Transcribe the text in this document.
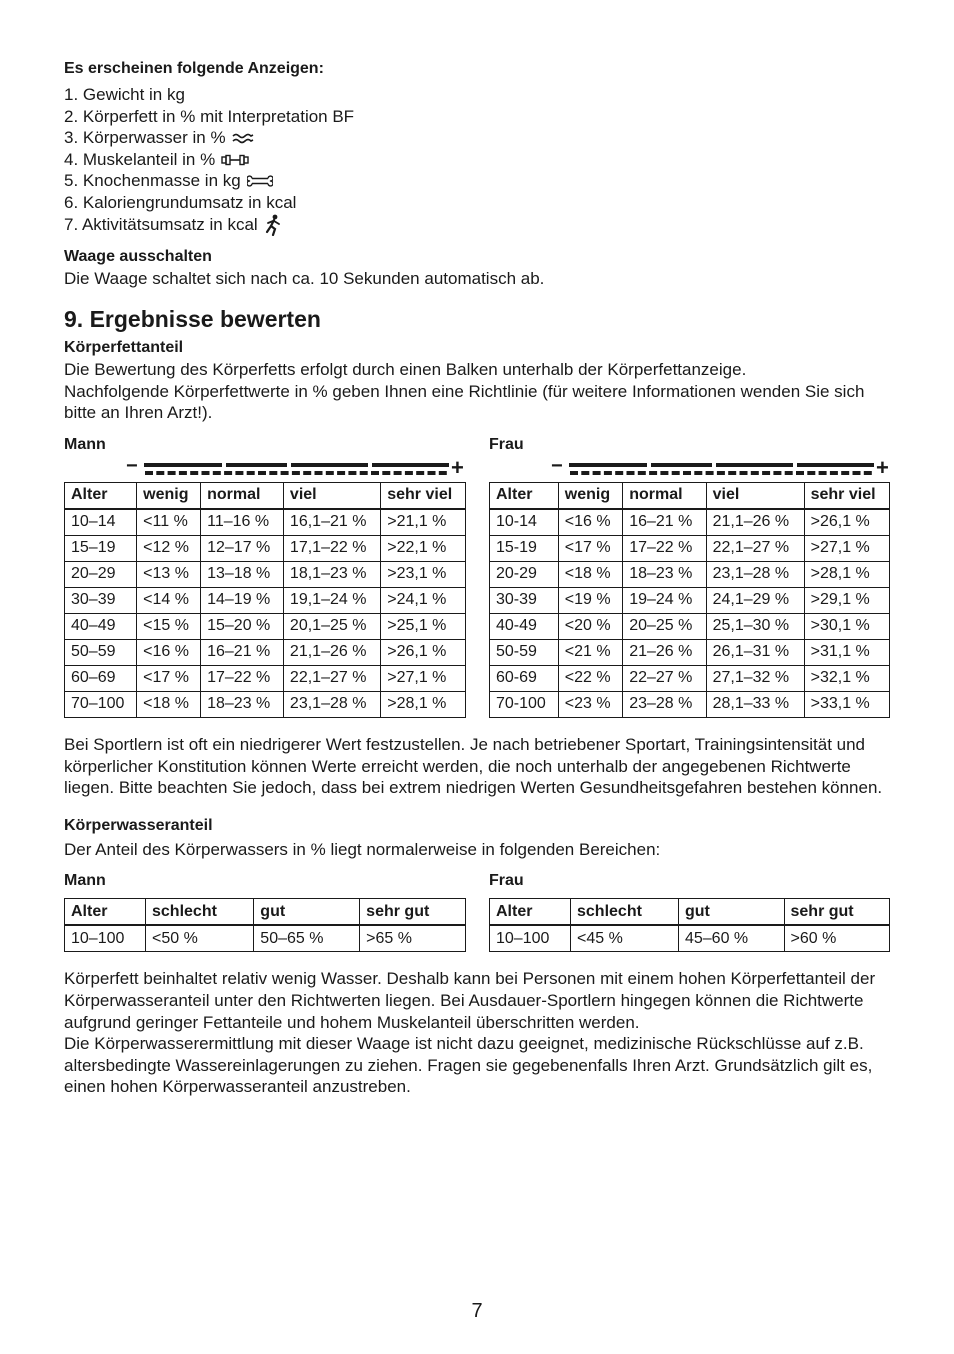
Es erscheinen folgende Anzeigen:

1. Gewicht in kg
2. Körperfett in % mit Interpretation BF
3. Körperwasser in %
4. Muskelanteil in %
5. Knochenmasse in kg
6. Kaloriengrundumsatz in kcal
7. Aktivitätsumsatz in kcal

Waage ausschalten

Die Waage schaltet sich nach ca. 10 Sekunden automatisch ab.

9. Ergebnisse bewerten

Körperfettanteil

Die Bewertung des Körperfetts erfolgt durch einen Balken unterhalb der Körperfettanzeige.

Nachfolgende Körperfettwerte in % geben Ihnen eine Richtlinie (für weitere Informationen wenden Sie sich bitte an Ihren Arzt!).

Mann

−	+
Alter	wenig	normal	viel	sehr viel
10–14	<11 %	11–16 %	16,1–21 %	>21,1 %
15–19	<12 %	12–17 %	17,1–22 %	>22,1 %
20–29	<13 %	13–18 %	18,1–23 %	>23,1 %
30–39	<14 %	14–19 %	19,1–24 %	>24,1 %
40–49	<15 %	15–20 %	20,1–25 %	>25,1 %
50–59	<16 %	16–21 %	21,1–26 %	>26,1 %
60–69	<17 %	17–22 %	22,1–27 %	>27,1 %
70–100	<18 %	18–23 %	23,1–28 %	>28,1 %

Frau

−	+
Alter	wenig	normal	viel	sehr viel
10-14	<16 %	16–21 %	21,1–26 %	>26,1 %
15-19	<17 %	17–22 %	22,1–27 %	>27,1 %
20-29	<18 %	18–23 %	23,1–28 %	>28,1 %
30-39	<19 %	19–24 %	24,1–29 %	>29,1 %
40-49	<20 %	20–25 %	25,1–30 %	>30,1 %
50-59	<21 %	21–26 %	26,1–31 %	>31,1 %
60-69	<22 %	22–27 %	27,1–32 %	>32,1 %
70-100	<23 %	23–28 %	28,1–33 %	>33,1 %

Bei Sportlern ist oft ein niedrigerer Wert festzustellen. Je nach betriebener Sportart, Trainingsintensität und körperlicher Konstitution können Werte erreicht werden, die noch unterhalb der angegebenen Richtwerte liegen. Bitte beachten Sie jedoch, dass bei extrem niedrigen Werten Gesundheitsgefahren bestehen können.

Körperwasseranteil

Der Anteil des Körperwassers in % liegt normalerweise in folgenden Bereichen:

Mann

Alter	schlecht	gut	sehr gut
10–100	<50 %	50–65 %	>65 %

Frau

Alter	schlecht	gut	sehr gut
10–100	<45 %	45–60 %	>60 %

Körperfett beinhaltet relativ wenig Wasser. Deshalb kann bei Personen mit einem hohen Körperfettanteil der Körperwasseranteil unter den Richtwerten liegen. Bei Ausdauer-Sportlern hingegen können die Richtwerte aufgrund geringer Fettanteile und hohem Muskelanteil überschritten werden.

Die Körperwasserermittlung mit dieser Waage ist nicht dazu geeignet, medizinische Rückschlüsse auf z.B. altersbedingte Wassereinlagerungen zu ziehen. Fragen sie gegebenenfalls Ihren Arzt. Grundsätzlich gilt es, einen hohen Körperwasseranteil anzustreben.

7
